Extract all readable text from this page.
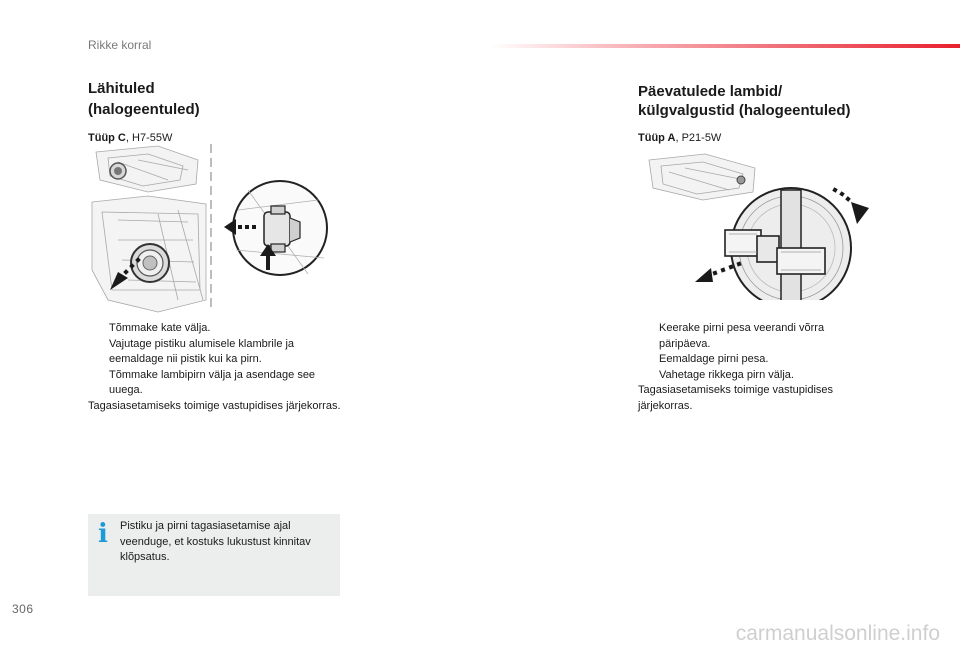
Rikke korral
Lähituled
(halogeentuled)
Tüüp C, H7-55W
Tõmmake kate välja.
Vajutage pistiku alumisele klambrile ja eemaldage nii pistik kui ka pirn.
Tõmmake lambipirn välja ja asendage see uuega.
Tagasiasetamiseks toimige vastupidises järjekorras.
Päevatulede lambid/
külgvalgustid (halogeentuled)
Tüüp A, P21-5W
Keerake pirni pesa veerandi võrra päripäeva.
Eemaldage pirni pesa.
Vahetage rikkega pirn välja.
Tagasiasetamiseks toimige vastupidises järjekorras.
i	Pistiku ja pirni tagasiasetamise ajal veenduge, et kostuks lukustust kinnitav klõpsatus.
306
carmanualsonline.info
